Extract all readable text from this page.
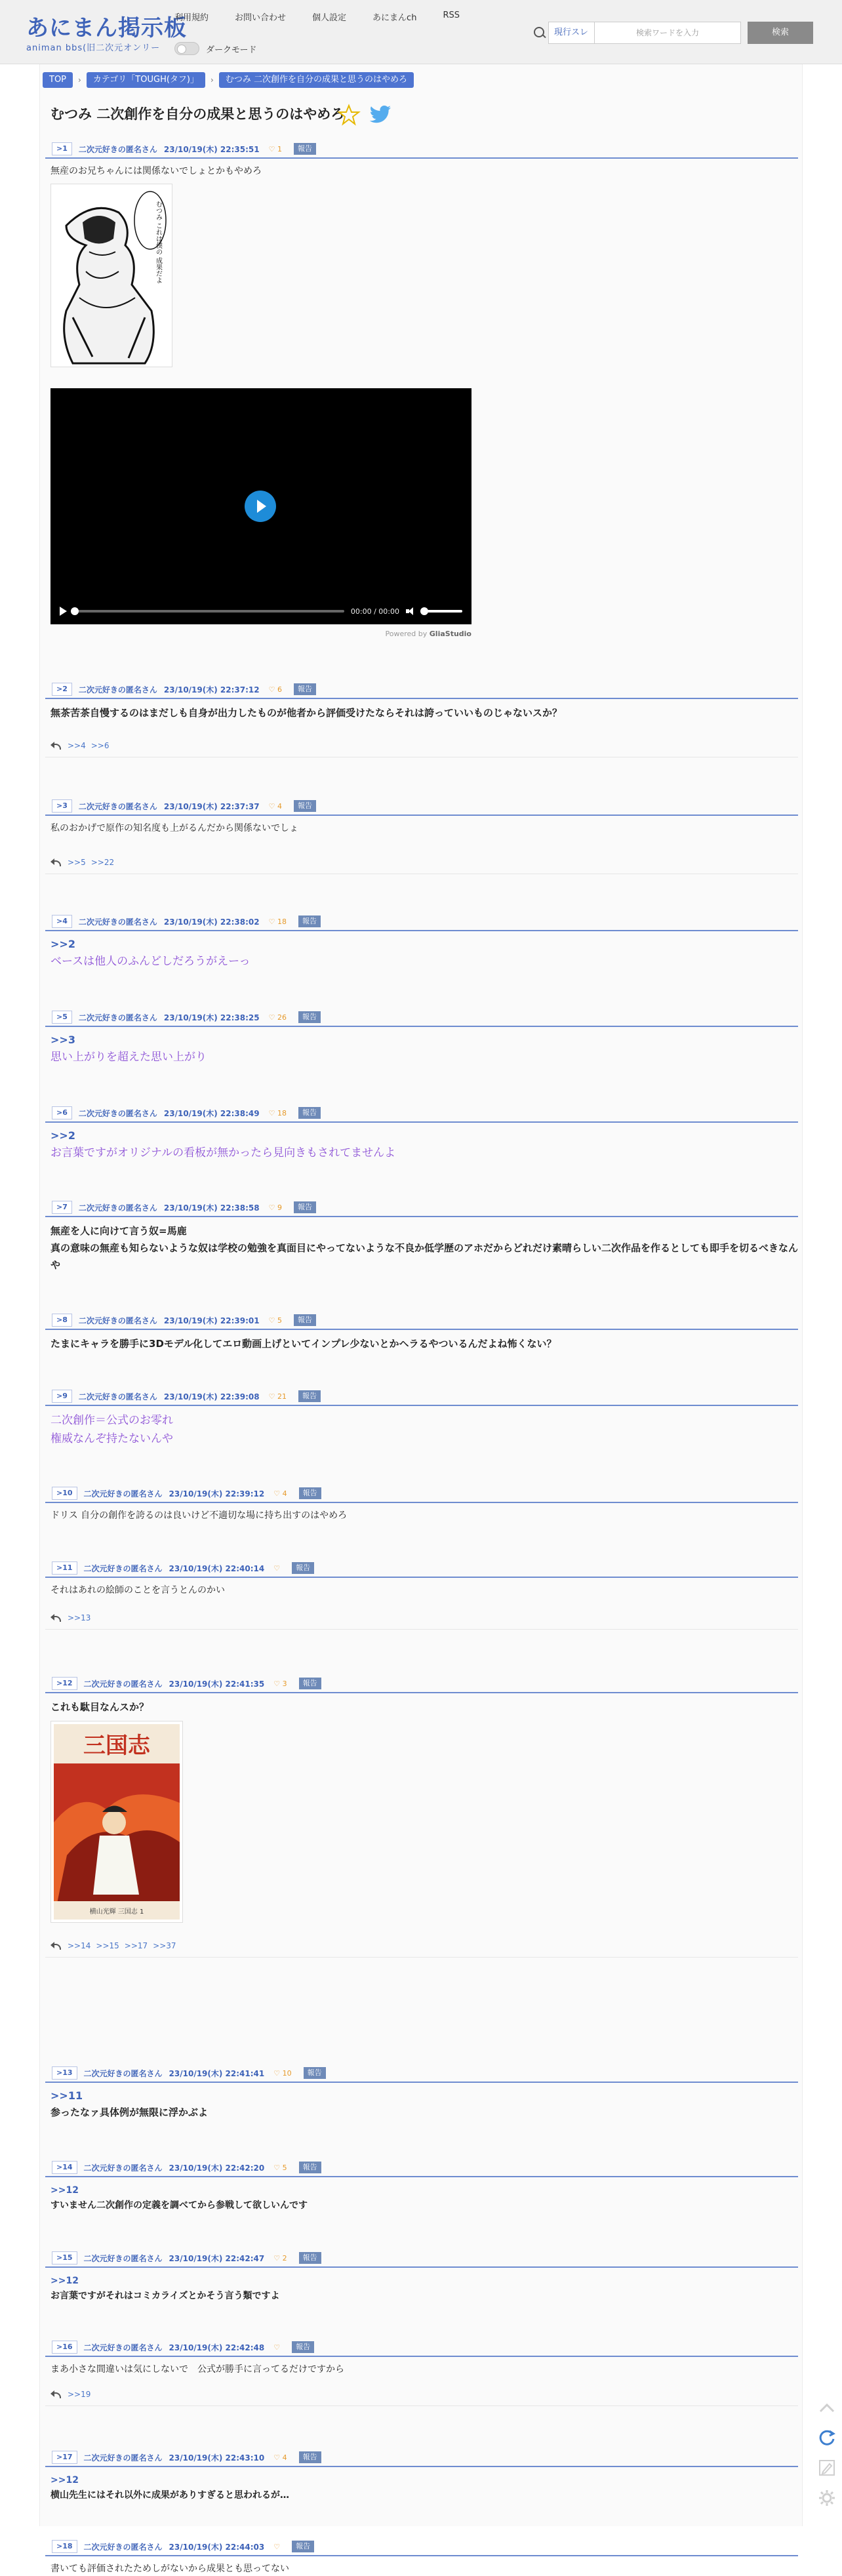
あにまん掲示板
animan bbs(旧二次元オンリー
利用規約	お問い合わせ	個人設定	あにまんch	RSS
ダークモード
現行スレ	検索ワードを入力	検索
TOP	›	カテゴリ「TOUGH(タフ)」	›	むつみ 二次創作を自分の成果と思うのはやめろ
むつみ 二次創作を自分の成果と思うのはやめろ
>1	二次元好きの匿名さん 23/10/19(木) 22:35:51 ♡ 1	報告
無産のお兄ちゃんには関係ないでしょとかもやめろ
むつみ これは僕の 成果だよ
00:00 / 00:00
Powered by GliaStudio
>2	二次元好きの匿名さん 23/10/19(木) 22:37:12 ♡ 6	報告
無茶苦茶自慢するのはまだしも自身が出力したものが他者から評価受けたならそれは誇っていいものじゃないスか？
>>4 >>6
>3	二次元好きの匿名さん 23/10/19(木) 22:37:37 ♡ 4	報告
私のおかげで原作の知名度も上がるんだから関係ないでしょ
>>5 >>22
>4	二次元好きの匿名さん 23/10/19(木) 22:38:02 ♡ 18	報告
>>2
ベースは他人のふんどしだろうがえーっ
>5	二次元好きの匿名さん 23/10/19(木) 22:38:25 ♡ 26	報告
>>3
思い上がりを超えた思い上がり
>6	二次元好きの匿名さん 23/10/19(木) 22:38:49 ♡ 18	報告
>>2
お言葉ですがオリジナルの看板が無かったら見向きもされてませんよ
>7	二次元好きの匿名さん 23/10/19(木) 22:38:58 ♡ 9	報告
無産を人に向けて言う奴=馬鹿
真の意味の無産も知らないような奴は学校の勉強を真面目にやってないような不良か低学歴のアホだからどれだけ素晴らしい二次作品を作るとしても即手を切るべきなんや
>8	二次元好きの匿名さん 23/10/19(木) 22:39:01 ♡ 5	報告
たまにキャラを勝手に3Dモデル化してエロ動画上げといてインプレ少ないとかヘラるやついるんだよね怖くない？
>9	二次元好きの匿名さん 23/10/19(木) 22:39:08 ♡ 21	報告
二次創作＝公式のお零れ
権威なんぞ持たないんや
>10	二次元好きの匿名さん 23/10/19(木) 22:39:12 ♡ 4	報告
ドリス 自分の創作を誇るのは良いけど不適切な場に持ち出すのはやめろ
>11	二次元好きの匿名さん 23/10/19(木) 22:40:14 ♡	報告
それはあれの絵師のことを言うとんのかい
>>13
>12	二次元好きの匿名さん 23/10/19(木) 22:41:35 ♡ 3	報告
これも駄目なんスか？
三国志
横山光輝 三国志 1
>>14 >>15 >>17 >>37
>13	二次元好きの匿名さん 23/10/19(木) 22:41:41 ♡ 10	報告
>>11
参ったなァ具体例が無限に浮かぶよ
>14	二次元好きの匿名さん 23/10/19(木) 22:42:20 ♡ 5	報告
>>12
すいません二次創作の定義を調べてから参戦して欲しいんです
>15	二次元好きの匿名さん 23/10/19(木) 22:42:47 ♡ 2	報告
>>12
お言葉ですがそれはコミカライズとかそう言う類ですよ
>16	二次元好きの匿名さん 23/10/19(木) 22:42:48 ♡	報告
まあ小さな間違いは気にしないで　公式が勝手に言ってるだけですから
>>19
>17	二次元好きの匿名さん 23/10/19(木) 22:43:10 ♡ 4	報告
>>12
横山先生にはそれ以外に成果がありすぎると思われるが…
>18	二次元好きの匿名さん 23/10/19(木) 22:44:03 ♡	報告
書いても評価されたためしがないから成果とも思ってない
